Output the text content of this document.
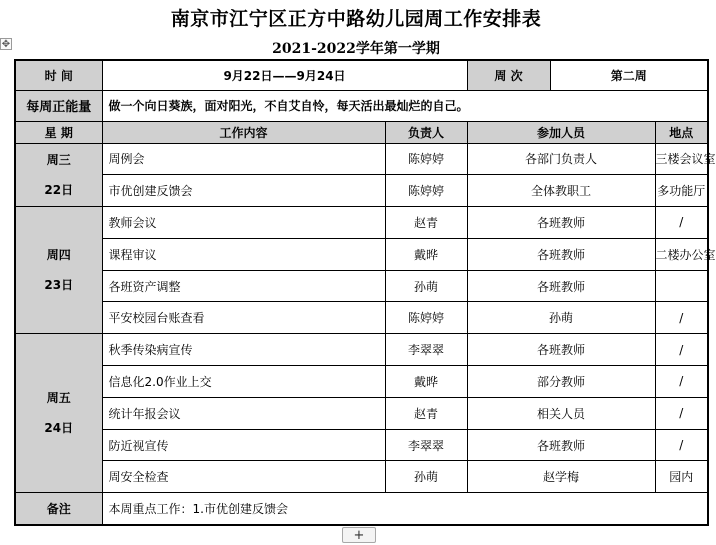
南京市江宁区正方中路幼儿园周工作安排表
✥	2021-2022学年第一学期
时 间	9月22日——9月24日		周 次	第二周	
每周正能量	做一个向日葵族，面对阳光，不自艾自怜，每天活出最灿烂的自己。				
星 期	工作内容	负责人	参加人员		地点

周三
22日	周例会	陈婷婷	各部门负责人		三楼会议室
	市优创建反馈会	陈婷婷	全体教职工		多功能厅

周四
23日	教师会议	赵青	各班教师		/
	课程审议	戴晔	各班教师		二楼办公室
	各班资产调整	孙萌	各班教师		
	平安校园台账查看	陈婷婷	孙萌		/

周五
24日	秋季传染病宣传	李翠翠	各班教师		/
	信息化2.0作业上交	戴晔	部分教师		/
	统计年报会议	赵青	相关人员		/
	防近视宣传	李翠翠	各班教师		/
	周安全检查	孙萌	赵学梅		园内
备注	本周重点工作：1.市优创建反馈会				
+
